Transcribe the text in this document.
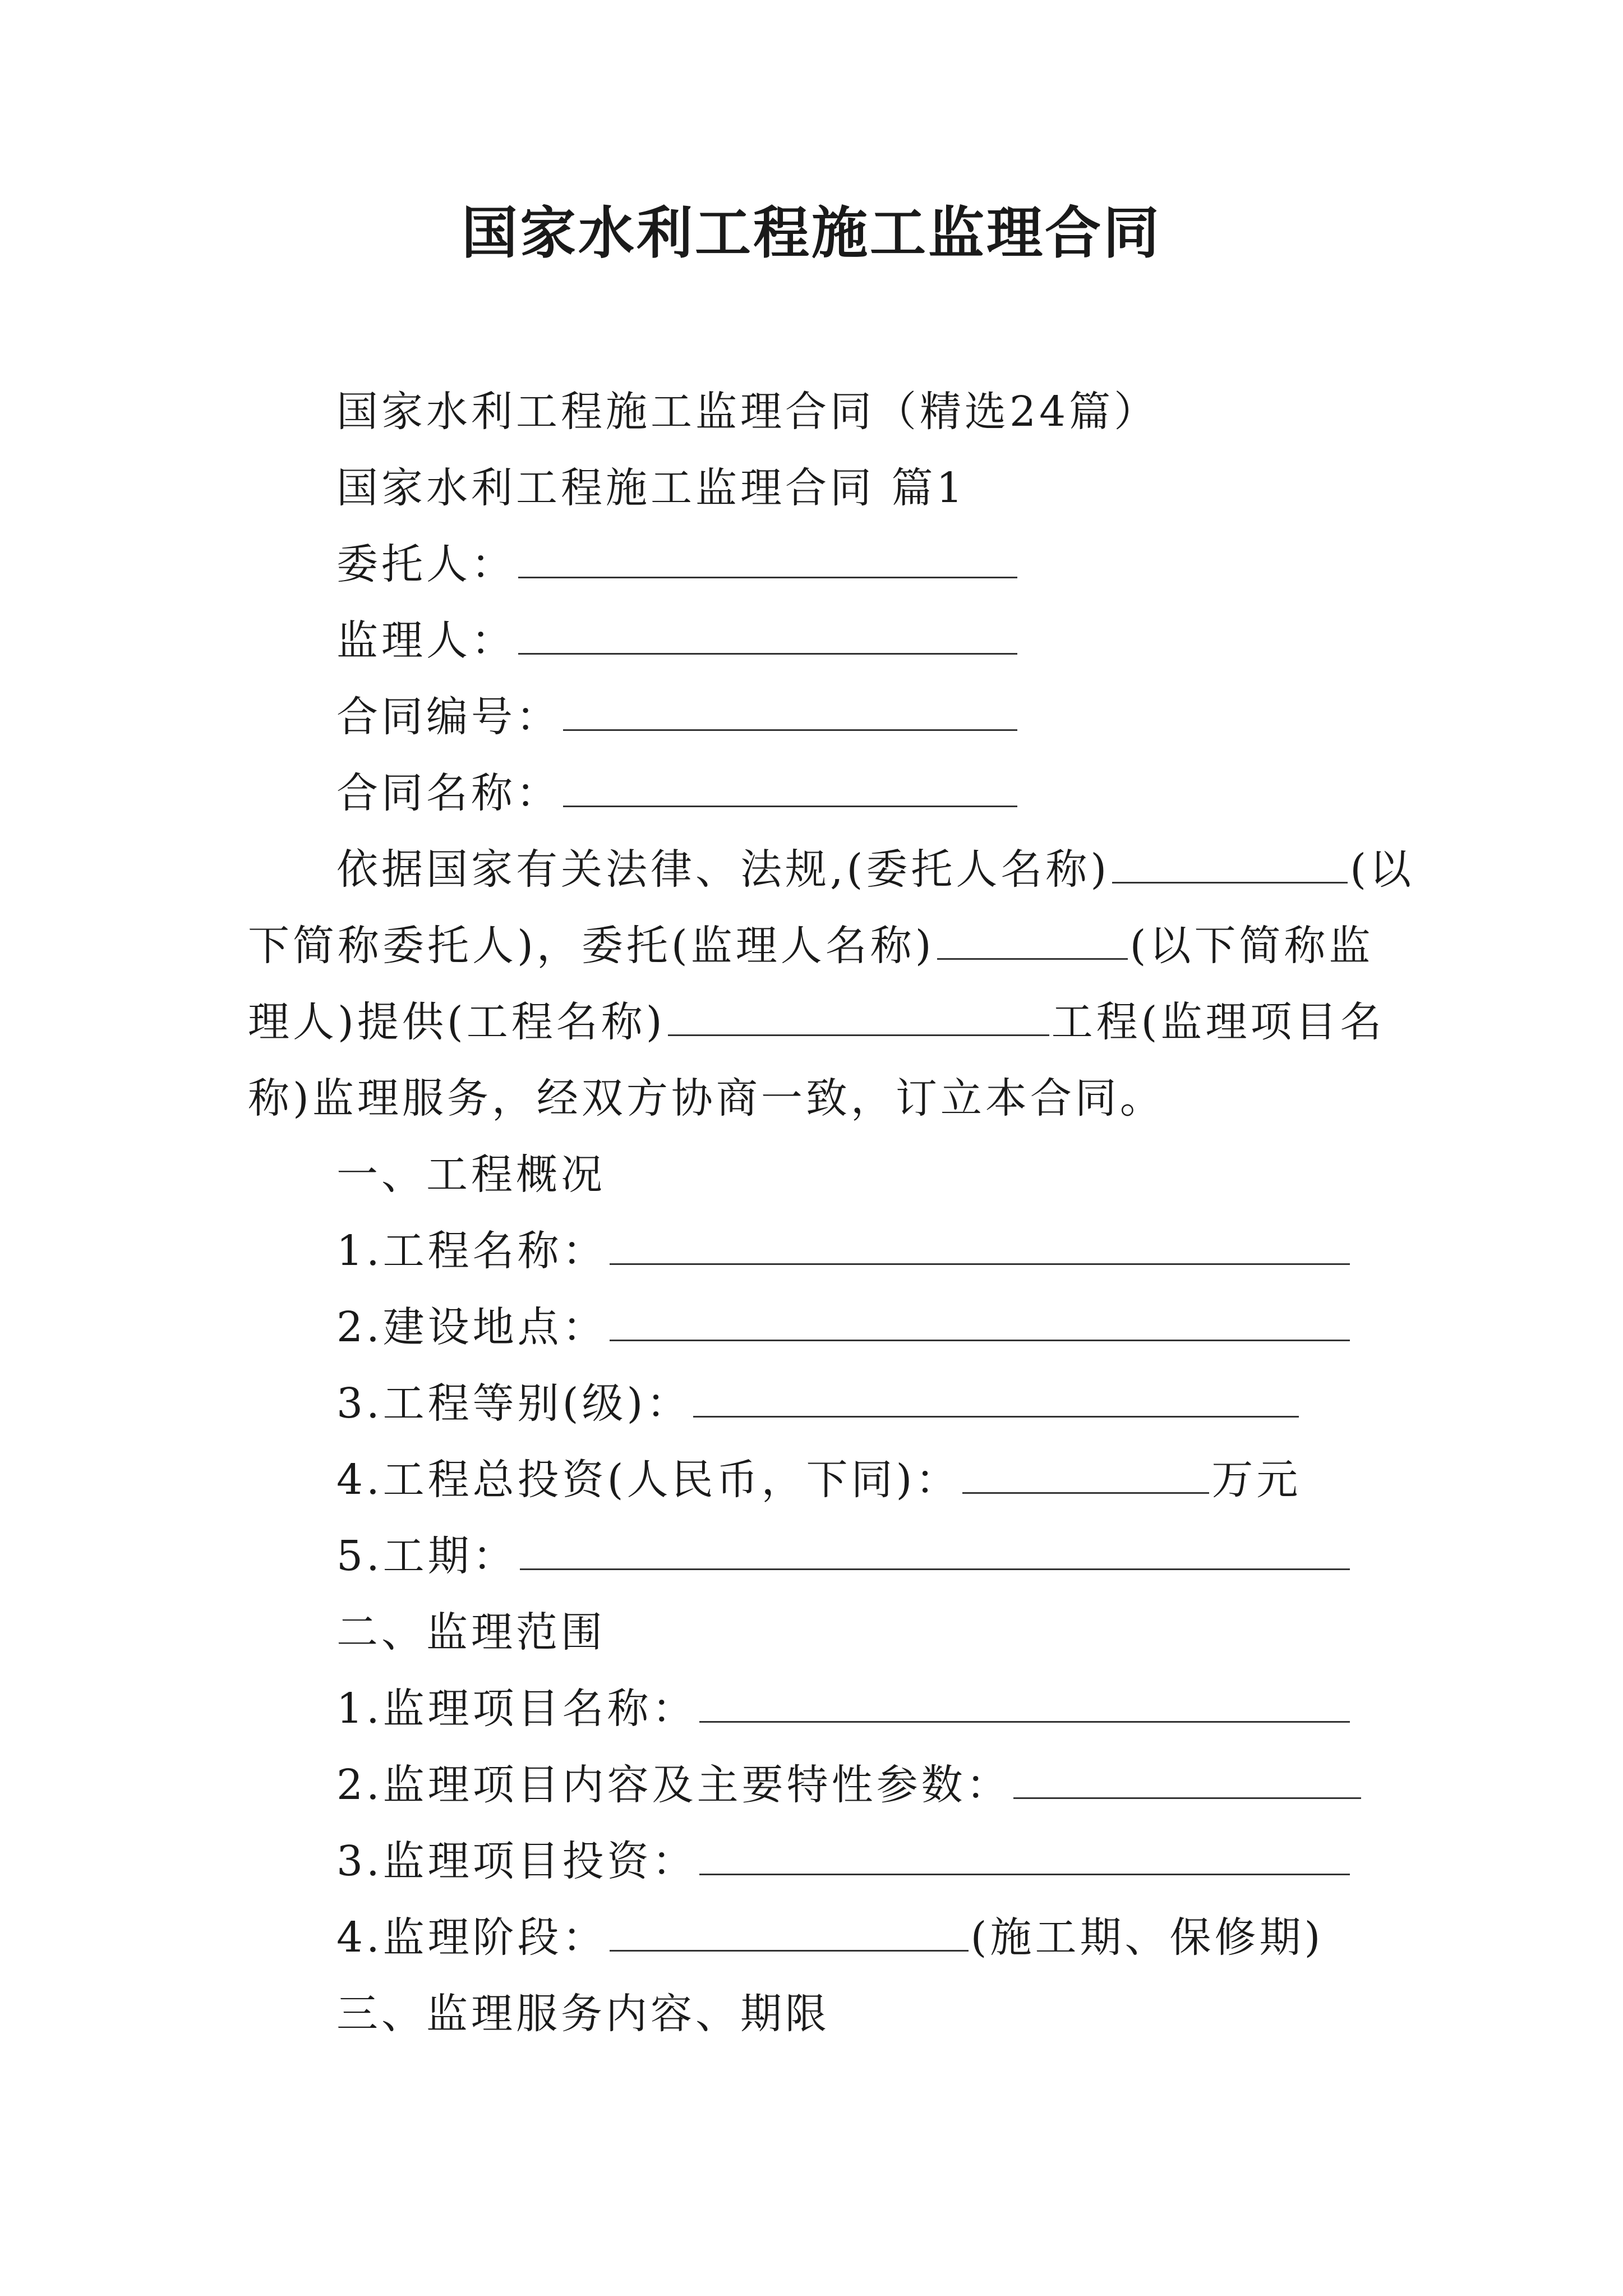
国家水利工程施工监理合同
国家水利工程施工监理合同（精选24篇）
国家水利工程施工监理合同 篇1
委托人：
监理人：
合同编号：
合同名称：
依据国家有关法律、法规,(委托人名称)	(以
下简称委托人)，委托(监理人名称)	(以下简称监
理人)提供(工程名称)	工程(监理项目名
称)监理服务，经双方协商一致，订立本合同。
一、工程概况
1.工程名称：
2.建设地点：
3.工程等别(级)：
4.工程总投资(人民币，下同)：	万元
5.工期：
二、监理范围
1.监理项目名称：
2.监理项目内容及主要特性参数：
3.监理项目投资：
4.监理阶段：	(施工期、保修期)
三、监理服务内容、期限
